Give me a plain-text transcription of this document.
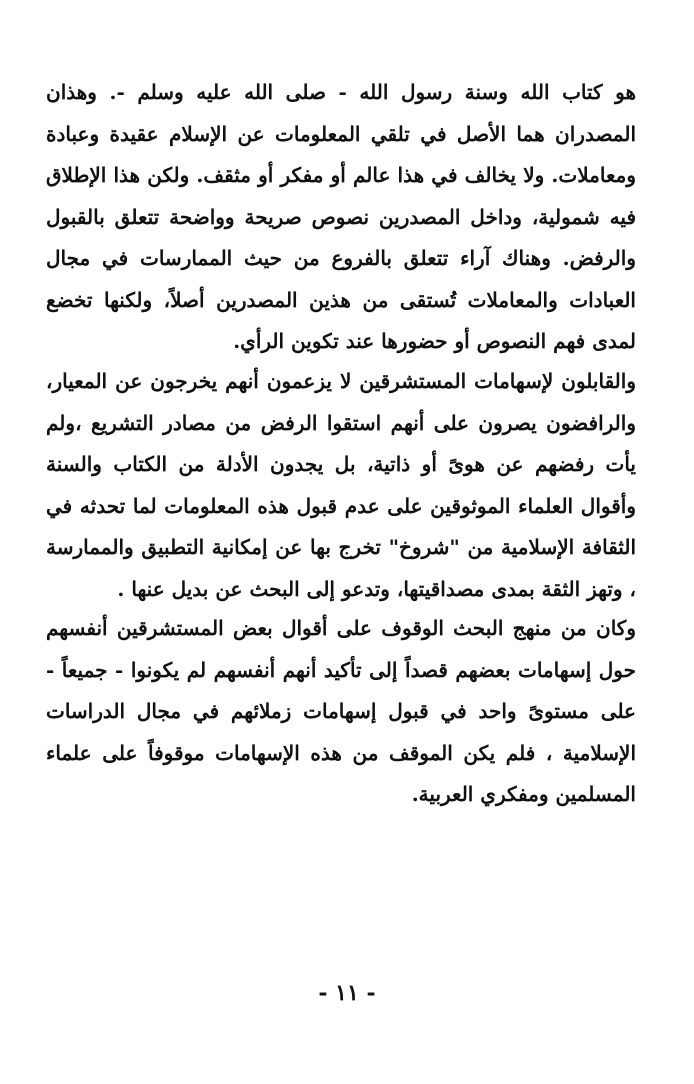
هو كتاب الله وسنة رسول الله - صلى الله عليه وسلم -. وهذان المصدران هما الأصل في تلقي المعلومات عن الإسلام عقيدة وعبادة ومعاملات. ولا يخالف في هذا عالم أو مفكر أو مثقف. ولكن هذا الإطلاق فيه شمولية، وداخل المصدرين نصوص صريحة وواضحة تتعلق بالقبول والرفض. وهناك آراء تتعلق بالفروع من حيث الممارسات في مجال العبادات والمعاملات تُستقى من هذين المصدرين أصلاً، ولكنها تخضع لمدى فهم النصوص أو حضورها عند تكوين الرأي.

والقابلون لإسهامات المستشرقين لا يزعمون أنهم يخرجون عن المعيار، والرافضون يصرون على أنهم استقوا الرفض من مصادر التشريع ،ولم يأت رفضهم عن هوىً أو ذاتية، بل يجدون الأدلة من الكتاب والسنة وأقوال العلماء الموثوقين على عدم قبول هذه المعلومات لما تحدثه في الثقافة الإسلامية من "شروخ" تخرج بها عن إمكانية التطبيق والممارسة ، وتهز الثقة بمدى مصداقيتها، وتدعو إلى البحث عن بديل عنها .

وكان من منهج البحث الوقوف على أقوال بعض المستشرقين أنفسهم حول إسهامات بعضهم قصداً إلى تأكيد أنهم أنفسهم لم يكونوا - جميعاً - على مستوىً واحد في قبول إسهامات زملائهم في مجال الدراسات الإسلامية ، فلم يكن الموقف من هذه الإسهامات موقوفاً على علماء المسلمين ومفكري العربية.

- ١١ -
